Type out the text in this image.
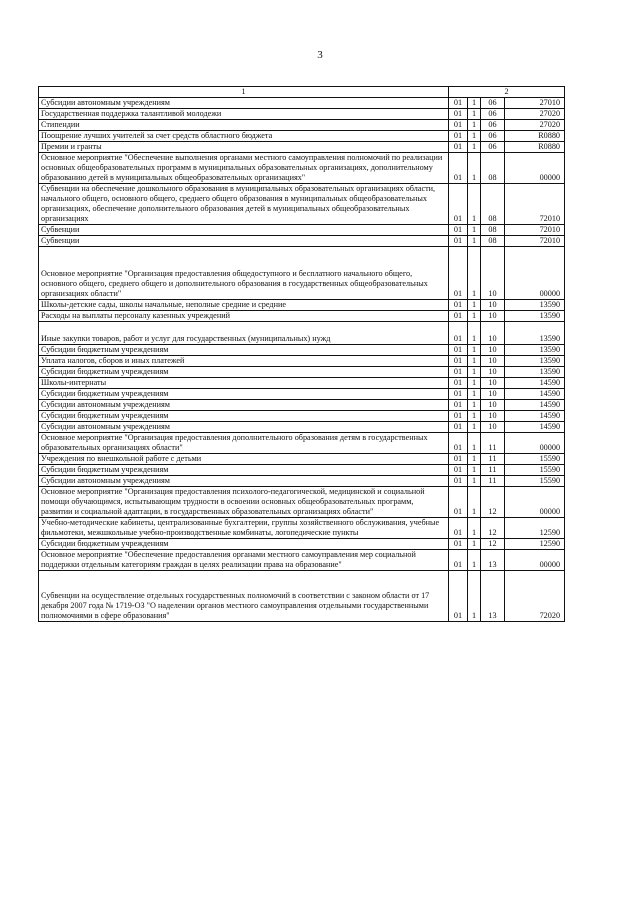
3
1	2			
Субсидии автономным учреждениям	01	1	06	27010
Государственная поддержка талантливой молодежи	01	1	06	27020
Стипендии	01	1	06	27020
Поощрение лучших учителей за счет средств областного бюджета	01	1	06	R0880
Премии и гранты	01	1	06	R0880
Основное мероприятие "Обеспечение выполнения органами местного самоуправления полномочий по реализации основных общеобразовательных программ в муниципальных образовательных организациях, дополнительному образованию детей в муниципальных общеобразовательных организациях"	01	1	08	00000
Субвенции на обеспечение дошкольного образования в муниципальных образовательных организациях области, начального общего, основного общего, среднего общего образования в муниципальных общеобразовательных организациях, обеспечение дополнительного образования детей в муниципальных общеобразовательных организациях	01	1	08	72010
Субвенции	01	1	08	72010
Субвенции	01	1	08	72010
Основное мероприятие "Организация предоставления общедоступного и бесплатного начального общего, основного общего, среднего общего и дополнительного образования в государственных общеобразовательных организациях области"	01	1	10	00000
Школы-детские сады, школы начальные, неполные средние и средние	01	1	10	13590
Расходы на выплаты персоналу казенных учреждений	01	1	10	13590
Иные закупки товаров, работ и услуг для государственных (муниципальных) нужд	01	1	10	13590
Субсидии бюджетным учреждениям	01	1	10	13590
Уплата налогов, сборов и иных платежей	01	1	10	13590
Субсидии бюджетным учреждениям	01	1	10	13590
Школы-интернаты	01	1	10	14590
Субсидии бюджетным учреждениям	01	1	10	14590
Субсидии автономным учреждениям	01	1	10	14590
Субсидии бюджетным учреждениям	01	1	10	14590
Субсидии автономным учреждениям	01	1	10	14590
Основное мероприятие "Организация предоставления дополнительного образования детям в государственных образовательных организациях области"	01	1	11	00000
Учреждения по внешкольной работе с детьми	01	1	11	15590
Субсидии бюджетным учреждениям	01	1	11	15590
Субсидии автономным учреждениям	01	1	11	15590
Основное мероприятие "Организация предоставления психолого-педагогической, медицинской и социальной помощи обучающимся, испытывающим трудности в освоении основных общеобразовательных программ, развитии и социальной адаптации, в государственных образовательных организациях области"	01	1	12	00000
Учебно-методические кабинеты, централизованные бухгалтерии, группы хозяйственного обслуживания, учебные фильмотеки, межшкольные учебно-производственные комбинаты, логопедические пункты	01	1	12	12590
Субсидии бюджетным учреждениям	01	1	12	12590
Основное мероприятие "Обеспечение предоставления органами местного самоуправления мер социальной поддержки отдельным категориям граждан в целях реализации права на образование"	01	1	13	00000
Субвенции на осуществление отдельных государственных полномочий в соответствии с законом области от 17 декабря 2007 года № 1719-ОЗ "О наделении органов местного самоуправления отдельными государственными полномочиями в сфере образования"	01	1	13	72020
